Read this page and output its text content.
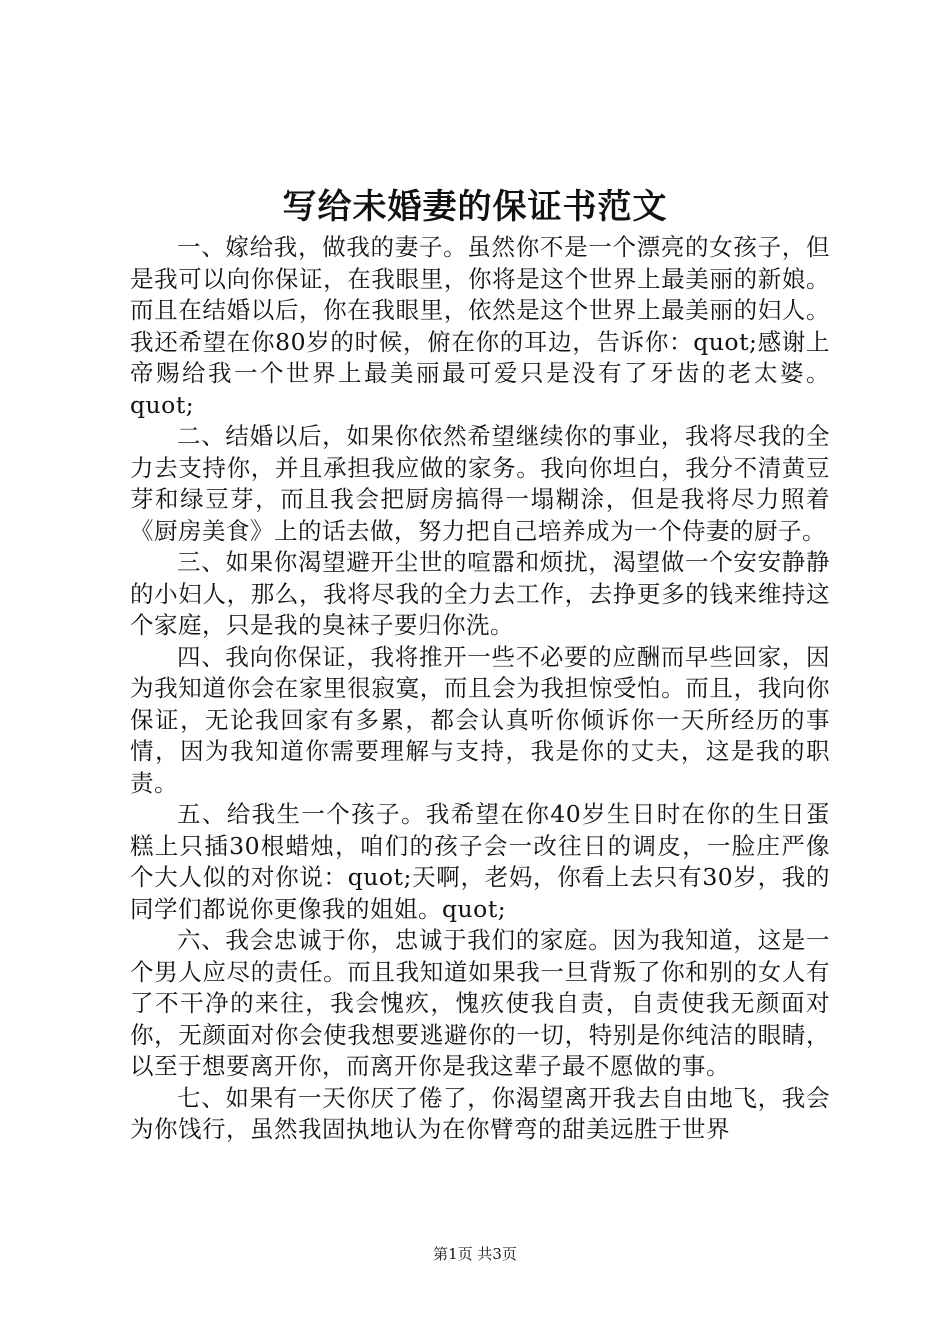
写给未婚妻的保证书范文

一、嫁给我，做我的妻子。虽然你不是一个漂亮的女孩子，但是我可以向你保证，在我眼里，你将是这个世界上最美丽的新娘。而且在结婚以后，你在我眼里，依然是这个世界上最美丽的妇人。我还希望在你80岁的时候，俯在你的耳边，告诉你：quot;感谢上帝赐给我一个世界上最美丽最可爱只是没有了牙齿的老太婆。quot;

二、结婚以后，如果你依然希望继续你的事业，我将尽我的全力去支持你，并且承担我应做的家务。我向你坦白，我分不清黄豆芽和绿豆芽，而且我会把厨房搞得一塌糊涂，但是我将尽力照着《厨房美食》上的话去做，努力把自己培养成为一个侍妻的厨子。

三、如果你渴望避开尘世的喧嚣和烦扰，渴望做一个安安静静的小妇人，那么，我将尽我的全力去工作，去挣更多的钱来维持这个家庭，只是我的臭袜子要归你洗。

四、我向你保证，我将推开一些不必要的应酬而早些回家，因为我知道你会在家里很寂寞，而且会为我担惊受怕。而且，我向你保证，无论我回家有多累，都会认真听你倾诉你一天所经历的事情，因为我知道你需要理解与支持，我是你的丈夫，这是我的职责。

五、给我生一个孩子。我希望在你40岁生日时在你的生日蛋糕上只插30根蜡烛，咱们的孩子会一改往日的调皮，一脸庄严像个大人似的对你说：quot;天啊，老妈，你看上去只有30岁，我的同学们都说你更像我的姐姐。quot;

六、我会忠诚于你，忠诚于我们的家庭。因为我知道，这是一个男人应尽的责任。而且我知道如果我一旦背叛了你和别的女人有了不干净的来往，我会愧疚，愧疚使我自责，自责使我无颜面对你，无颜面对你会使我想要逃避你的一切，特别是你纯洁的眼睛，以至于想要离开你，而离开你是我这辈子最不愿做的事。

七、如果有一天你厌了倦了，你渴望离开我去自由地飞，我会为你饯行，虽然我固执地认为在你臂弯的甜美远胜于世界

第1页 共3页
